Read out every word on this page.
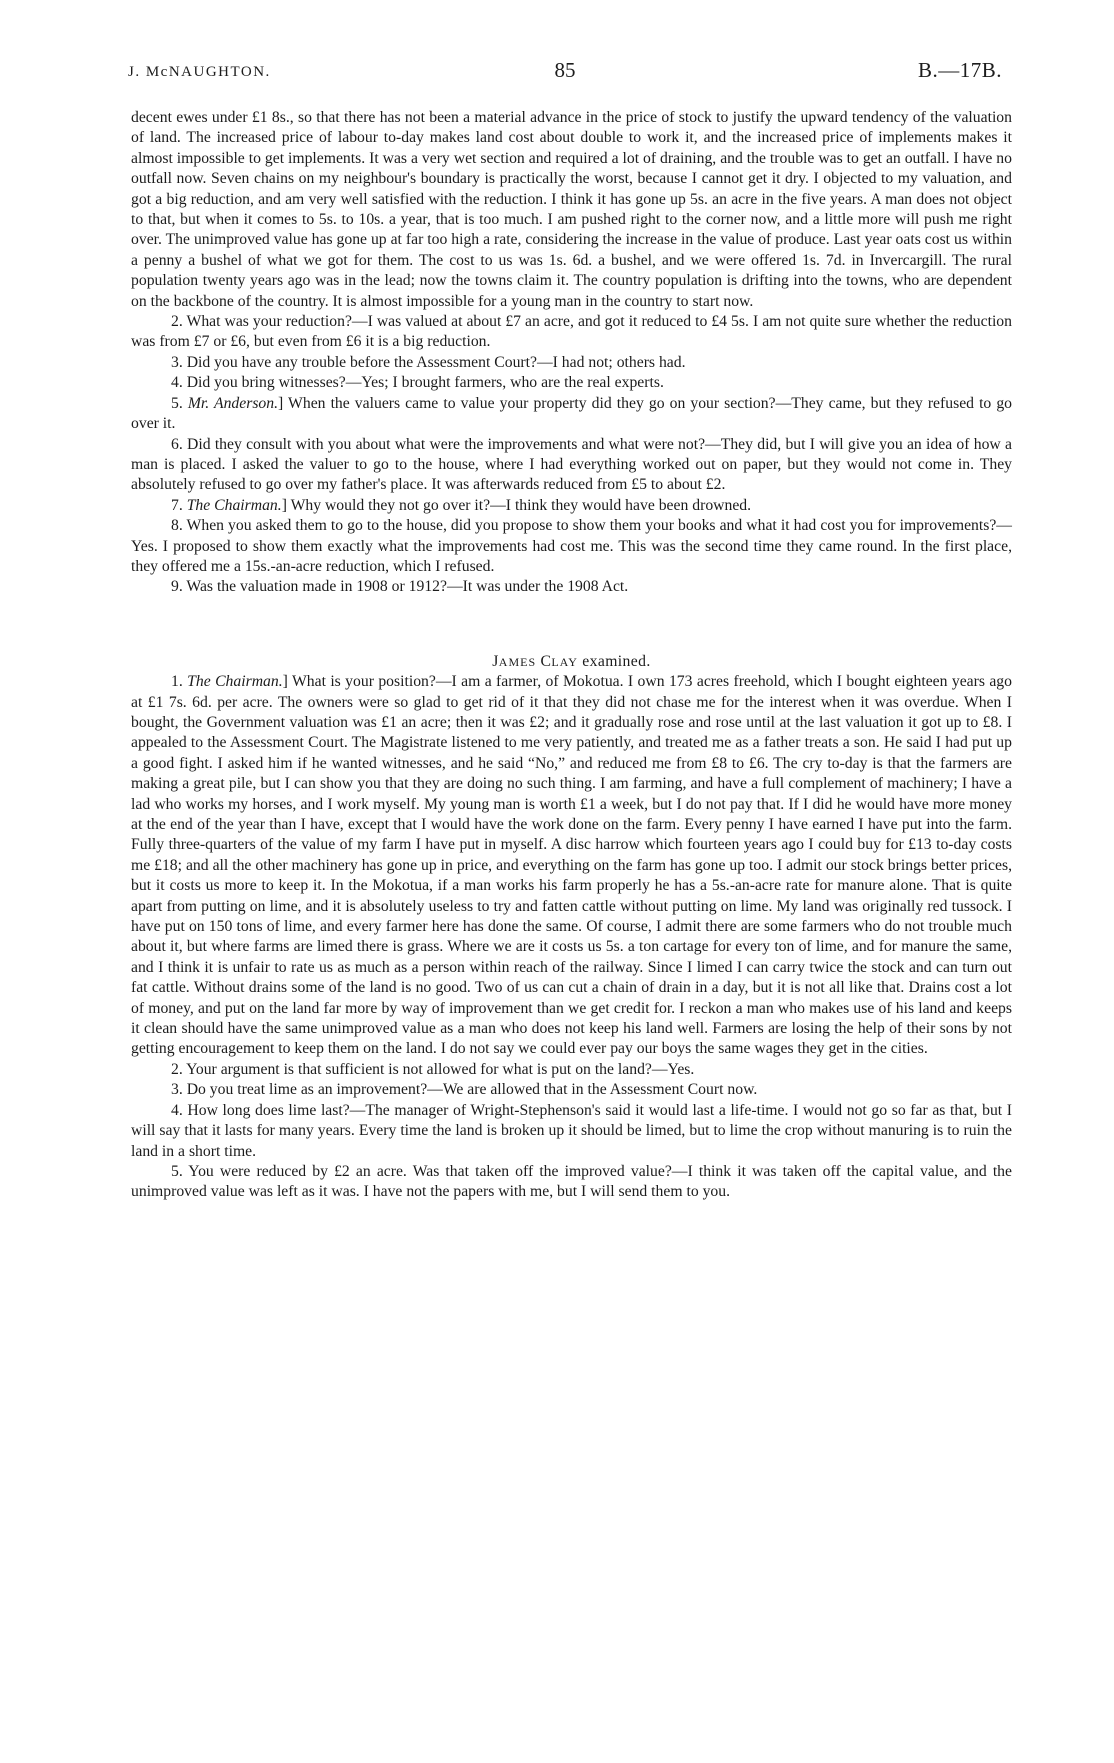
J. McNAUGHTON.	85	B.—17B.

decent ewes under £1 8s., so that there has not been a material advance in the price of stock to justify the upward tendency of the valuation of land. The increased price of labour to-day makes land cost about double to work it, and the increased price of implements makes it almost impossible to get implements. It was a very wet section and required a lot of draining, and the trouble was to get an outfall. I have no outfall now. Seven chains on my neighbour's boundary is practically the worst, because I cannot get it dry. I objected to my valuation, and got a big reduction, and am very well satisfied with the reduction. I think it has gone up 5s. an acre in the five years. A man does not object to that, but when it comes to 5s. to 10s. a year, that is too much. I am pushed right to the corner now, and a little more will push me right over. The unimproved value has gone up at far too high a rate, considering the increase in the value of produce. Last year oats cost us within a penny a bushel of what we got for them. The cost to us was 1s. 6d. a bushel, and we were offered 1s. 7d. in Invercargill. The rural population twenty years ago was in the lead; now the towns claim it. The country population is drifting into the towns, who are dependent on the backbone of the country. It is almost impossible for a young man in the country to start now.

2. What was your reduction?—I was valued at about £7 an acre, and got it reduced to £4 5s. I am not quite sure whether the reduction was from £7 or £6, but even from £6 it is a big reduction.

3. Did you have any trouble before the Assessment Court?—I had not; others had.

4. Did you bring witnesses?—Yes; I brought farmers, who are the real experts.

5. Mr. Anderson.] When the valuers came to value your property did they go on your section?—They came, but they refused to go over it.

6. Did they consult with you about what were the improvements and what were not?—They did, but I will give you an idea of how a man is placed. I asked the valuer to go to the house, where I had everything worked out on paper, but they would not come in. They absolutely refused to go over my father's place. It was afterwards reduced from £5 to about £2.

7. The Chairman.] Why would they not go over it?—I think they would have been drowned.

8. When you asked them to go to the house, did you propose to show them your books and what it had cost you for improvements?—Yes. I proposed to show them exactly what the improvements had cost me. This was the second time they came round. In the first place, they offered me a 15s.-an-acre reduction, which I refused.

9. Was the valuation made in 1908 or 1912?—It was under the 1908 Act.

JAMES CLAY examined.

1. The Chairman.] What is your position?—I am a farmer, of Mokotua. I own 173 acres freehold, which I bought eighteen years ago at £1 7s. 6d. per acre. The owners were so glad to get rid of it that they did not chase me for the interest when it was overdue. When I bought, the Government valuation was £1 an acre; then it was £2; and it gradually rose and rose until at the last valuation it got up to £8. I appealed to the Assessment Court. The Magistrate listened to me very patiently, and treated me as a father treats a son. He said I had put up a good fight. I asked him if he wanted witnesses, and he said “No,” and reduced me from £8 to £6. The cry to-day is that the farmers are making a great pile, but I can show you that they are doing no such thing. I am farming, and have a full complement of machinery; I have a lad who works my horses, and I work myself. My young man is worth £1 a week, but I do not pay that. If I did he would have more money at the end of the year than I have, except that I would have the work done on the farm. Every penny I have earned I have put into the farm. Fully three-quarters of the value of my farm I have put in myself. A disc harrow which fourteen years ago I could buy for £13 to-day costs me £18; and all the other machinery has gone up in price, and everything on the farm has gone up too. I admit our stock brings better prices, but it costs us more to keep it. In the Mokotua, if a man works his farm properly he has a 5s.-an-acre rate for manure alone. That is quite apart from putting on lime, and it is absolutely useless to try and fatten cattle without putting on lime. My land was originally red tussock. I have put on 150 tons of lime, and every farmer here has done the same. Of course, I admit there are some farmers who do not trouble much about it, but where farms are limed there is grass. Where we are it costs us 5s. a ton cartage for every ton of lime, and for manure the same, and I think it is unfair to rate us as much as a person within reach of the railway. Since I limed I can carry twice the stock and can turn out fat cattle. Without drains some of the land is no good. Two of us can cut a chain of drain in a day, but it is not all like that. Drains cost a lot of money, and put on the land far more by way of improvement than we get credit for. I reckon a man who makes use of his land and keeps it clean should have the same unimproved value as a man who does not keep his land well. Farmers are losing the help of their sons by not getting encouragement to keep them on the land. I do not say we could ever pay our boys the same wages they get in the cities.

2. Your argument is that sufficient is not allowed for what is put on the land?—Yes.

3. Do you treat lime as an improvement?—We are allowed that in the Assessment Court now.

4. How long does lime last?—The manager of Wright-Stephenson's said it would last a life-time. I would not go so far as that, but I will say that it lasts for many years. Every time the land is broken up it should be limed, but to lime the crop without manuring is to ruin the land in a short time.

5. You were reduced by £2 an acre. Was that taken off the improved value?—I think it was taken off the capital value, and the unimproved value was left as it was. I have not the papers with me, but I will send them to you.
